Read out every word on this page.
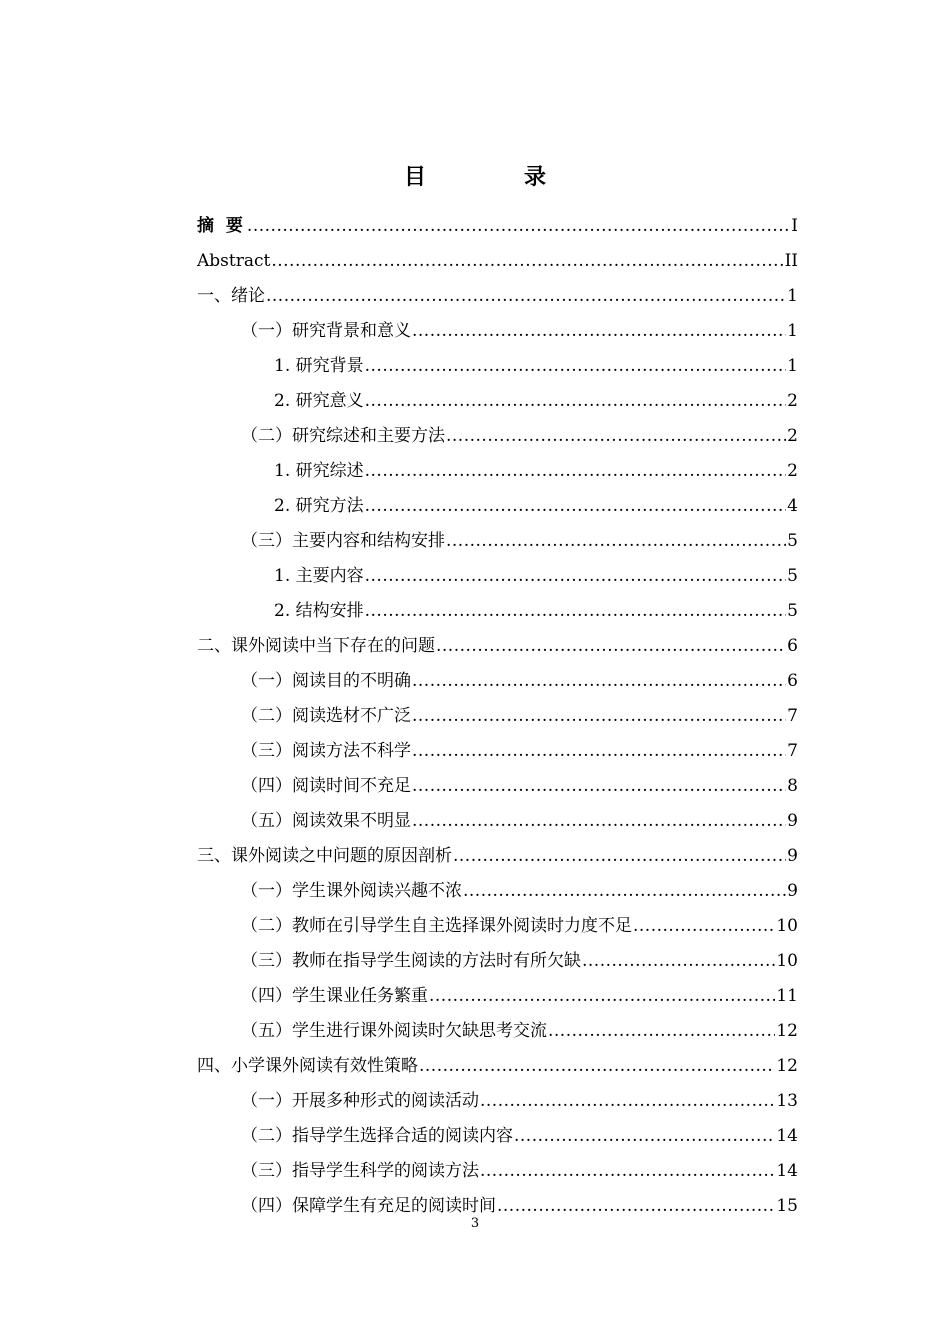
目　录
摘 要 .....	I
Abstract .....	II
一、绪论 .....	1
（一）研究背景和意义 .....	1
1. 研究背景 .....	1
2. 研究意义 .....	2
（二）研究综述和主要方法 .....	2
1. 研究综述 .....	2
2. 研究方法 .....	4
（三）主要内容和结构安排 .....	5
1. 主要内容 .....	5
2. 结构安排 .....	5
二、课外阅读中当下存在的问题 .....	6
（一）阅读目的不明确 .....	6
（二）阅读选材不广泛 .....	7
（三）阅读方法不科学 .....	7
（四）阅读时间不充足 .....	8
（五）阅读效果不明显 .....	9
三、课外阅读之中问题的原因剖析 .....	9
（一）学生课外阅读兴趣不浓 .....	9
（二）教师在引导学生自主选择课外阅读时力度不足 .....	10
（三）教师在指导学生阅读的方法时有所欠缺 .....	10
（四）学生课业任务繁重 .....	11
（五）学生进行课外阅读时欠缺思考交流 .....	12
四、小学课外阅读有效性策略 .....	12
（一）开展多种形式的阅读活动 .....	13
（二）指导学生选择合适的阅读内容 .....	14
（三）指导学生科学的阅读方法 .....	14
（四）保障学生有充足的阅读时间 .....	15
3
